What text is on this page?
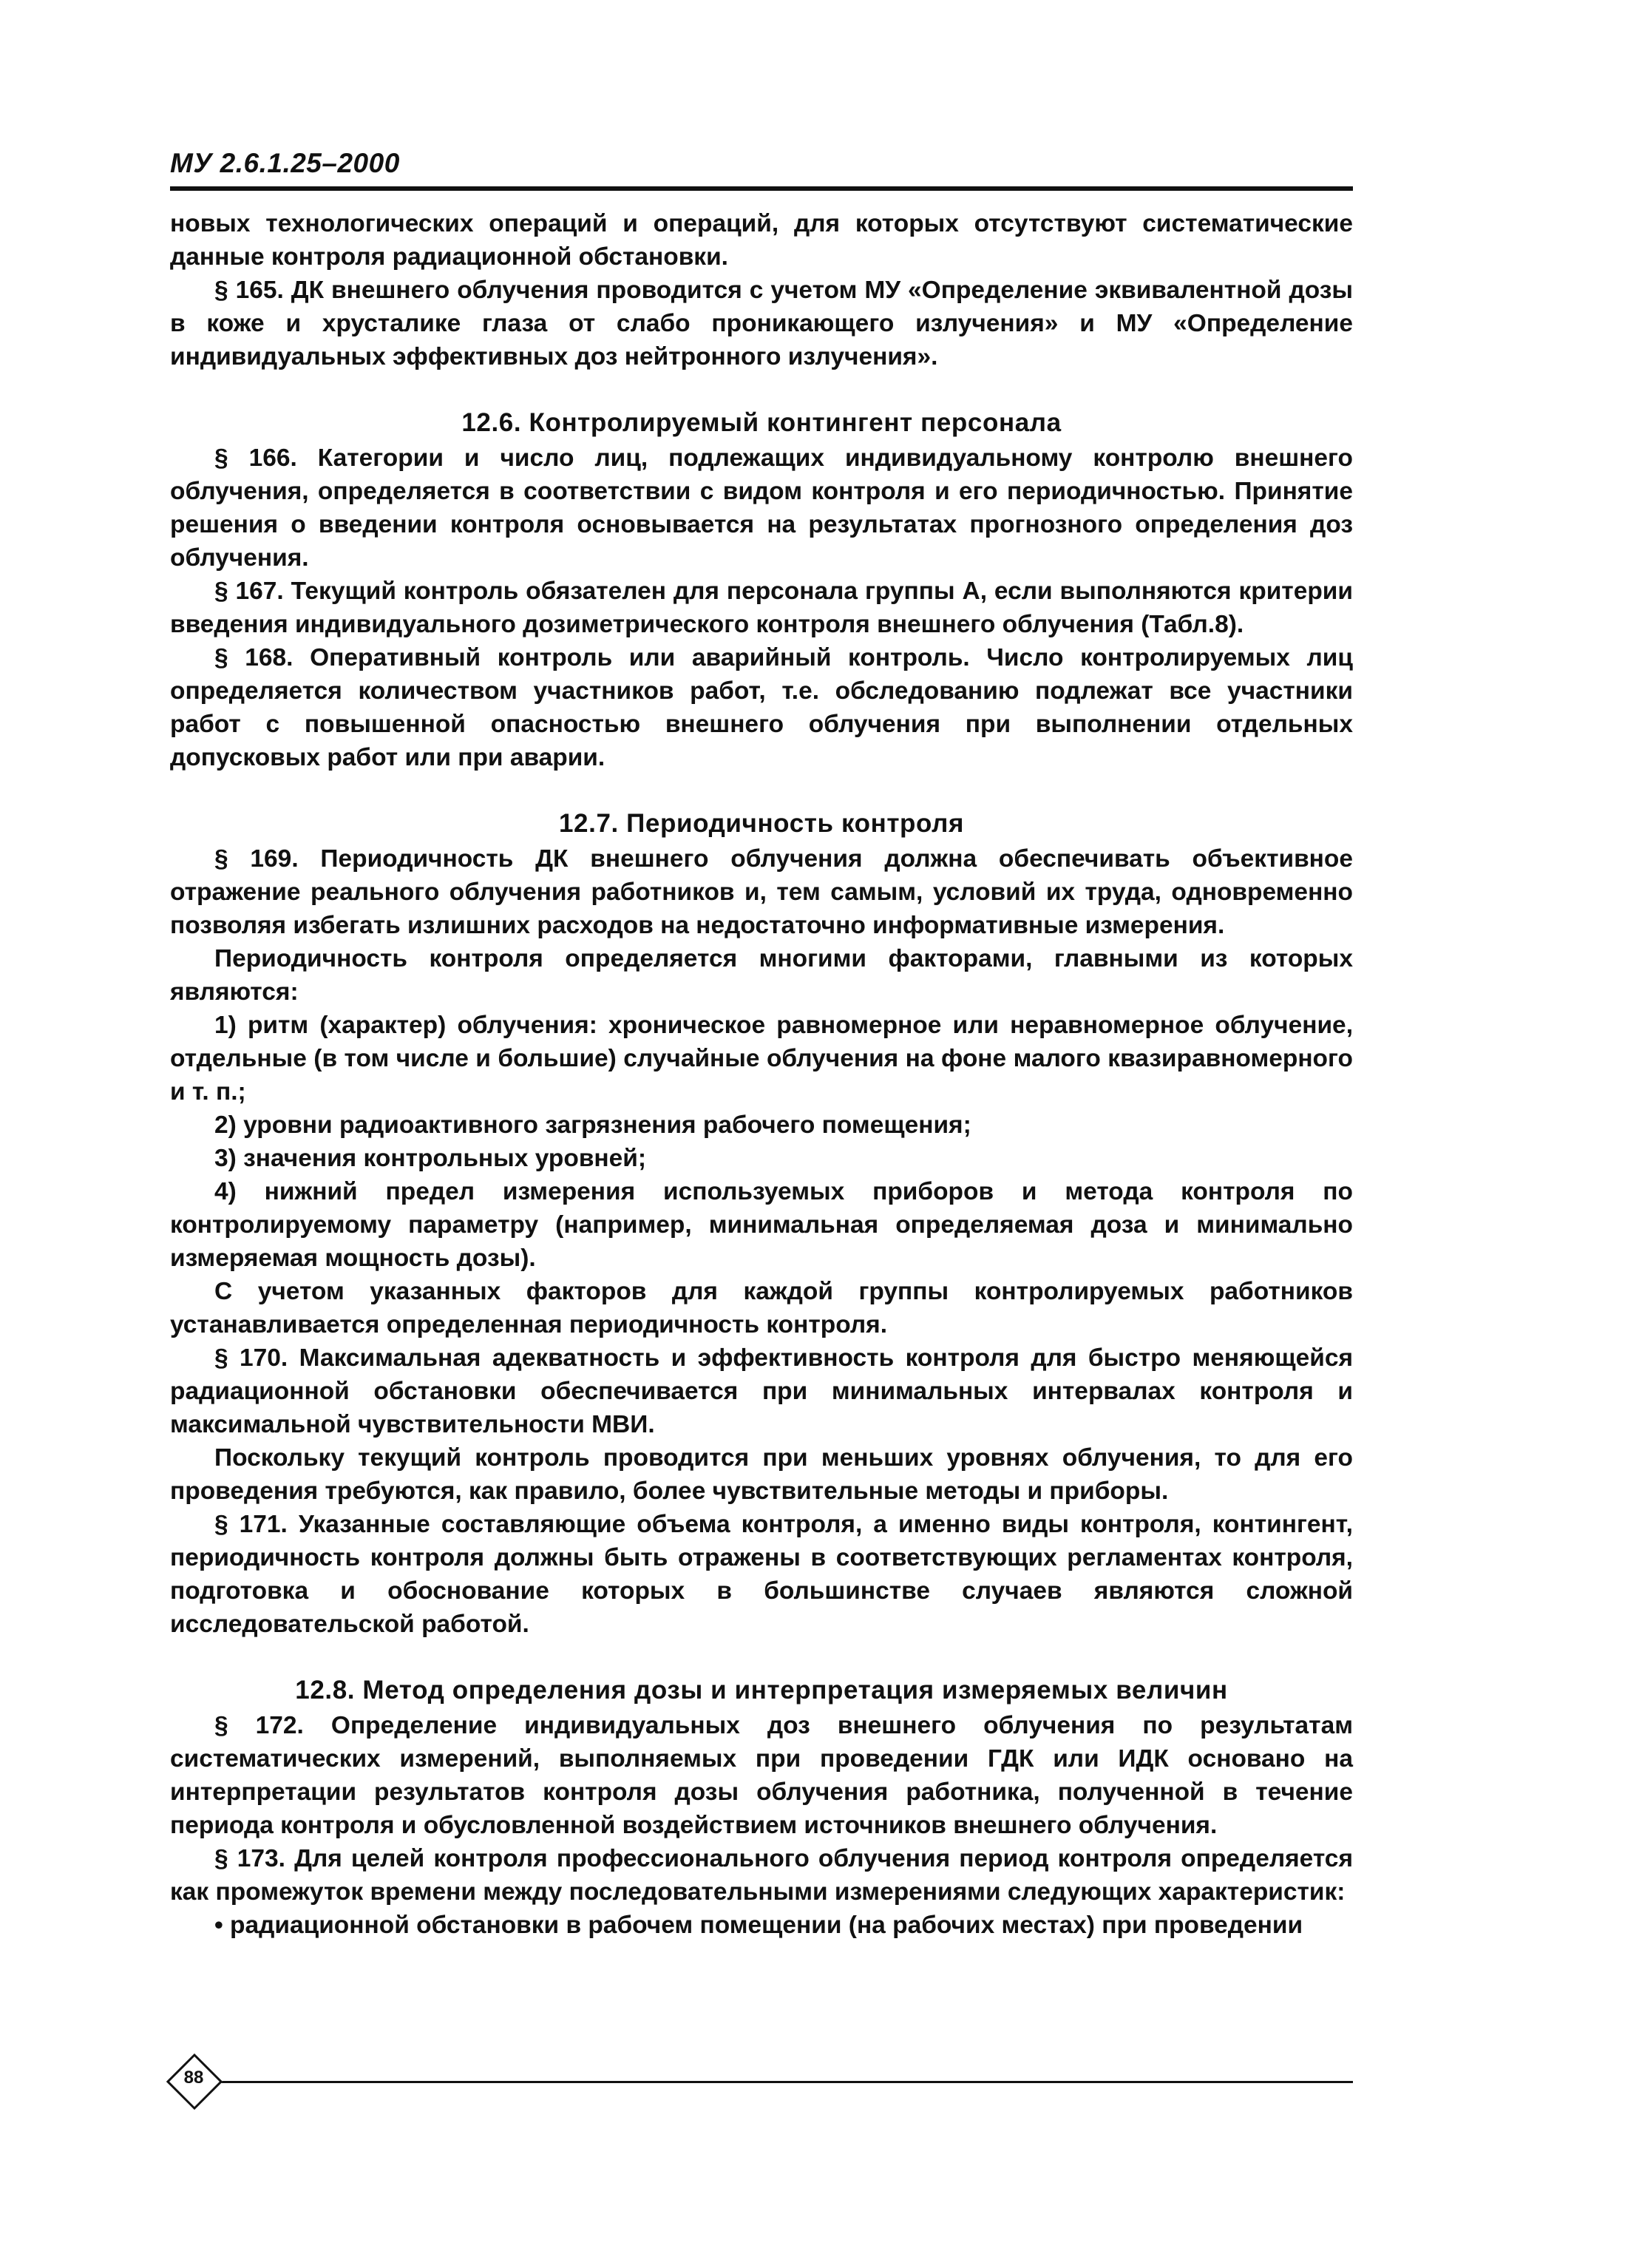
МУ 2.6.1.25–2000

новых технологических операций и операций, для которых отсутствуют систематические данные контроля радиационной обстановки.

§ 165. ДК внешнего облучения проводится с учетом МУ «Определение эквивалентной дозы в коже и хрусталике глаза от слабо проникающего излучения» и МУ «Определение индивидуальных эффективных доз нейтронного излучения».

12.6. Контролируемый контингент персонала

§ 166. Категории и число лиц, подлежащих индивидуальному контролю внешнего облучения, определяется в соответствии с видом контроля и его периодичностью. Принятие решения о введении контроля основывается на результатах прогнозного определения доз облучения.

§ 167. Текущий контроль обязателен для персонала группы А, если выполняются критерии введения индивидуального дозиметрического контроля внешнего облучения (Табл.8).

§ 168. Оперативный контроль или аварийный контроль. Число контролируемых лиц определяется количеством участников работ, т.е. обследованию подлежат все участники работ с повышенной опасностью внешнего облучения при выполнении отдельных допусковых работ или при аварии.

12.7. Периодичность контроля

§ 169. Периодичность ДК внешнего облучения должна обеспечивать объективное отражение реального облучения работников и, тем самым, условий их труда, одновременно позволяя избегать излишних расходов на недостаточно информативные измерения.

Периодичность контроля определяется многими факторами, главными из которых являются:

1) ритм (характер) облучения: хроническое равномерное или неравномерное облучение, отдельные (в том числе и большие) случайные облучения на фоне малого квазиравномерного и т. п.;

2) уровни радиоактивного загрязнения рабочего помещения;

3) значения контрольных уровней;

4) нижний предел измерения используемых приборов и метода контроля по контролируемому параметру (например, минимальная определяемая доза и минимально измеряемая мощность дозы).

С учетом указанных факторов для каждой группы контролируемых работников устанавливается определенная периодичность контроля.

§ 170. Максимальная адекватность и эффективность контроля для быстро меняющейся радиационной обстановки обеспечивается при минимальных интервалах контроля и максимальной чувствительности МВИ.

Поскольку текущий контроль проводится при меньших уровнях облучения, то для его проведения требуются, как правило, более чувствительные методы и приборы.

§ 171. Указанные составляющие объема контроля, а именно виды контроля, контингент, периодичность контроля должны быть отражены в соответствующих регламентах контроля, подготовка и обоснование которых в большинстве случаев являются сложной исследовательской работой.

12.8. Метод определения дозы и интерпретация измеряемых величин

§ 172. Определение индивидуальных доз внешнего облучения по результатам систематических измерений, выполняемых при проведении ГДК или ИДК основано на интерпретации результатов контроля дозы облучения работника, полученной в течение периода контроля и обусловленной воздействием источников внешнего облучения.

§ 173. Для целей контроля профессионального облучения период контроля определяется как промежуток времени между последовательными измерениями следующих характеристик:

• радиационной обстановки в рабочем помещении (на рабочих местах) при проведении

88
